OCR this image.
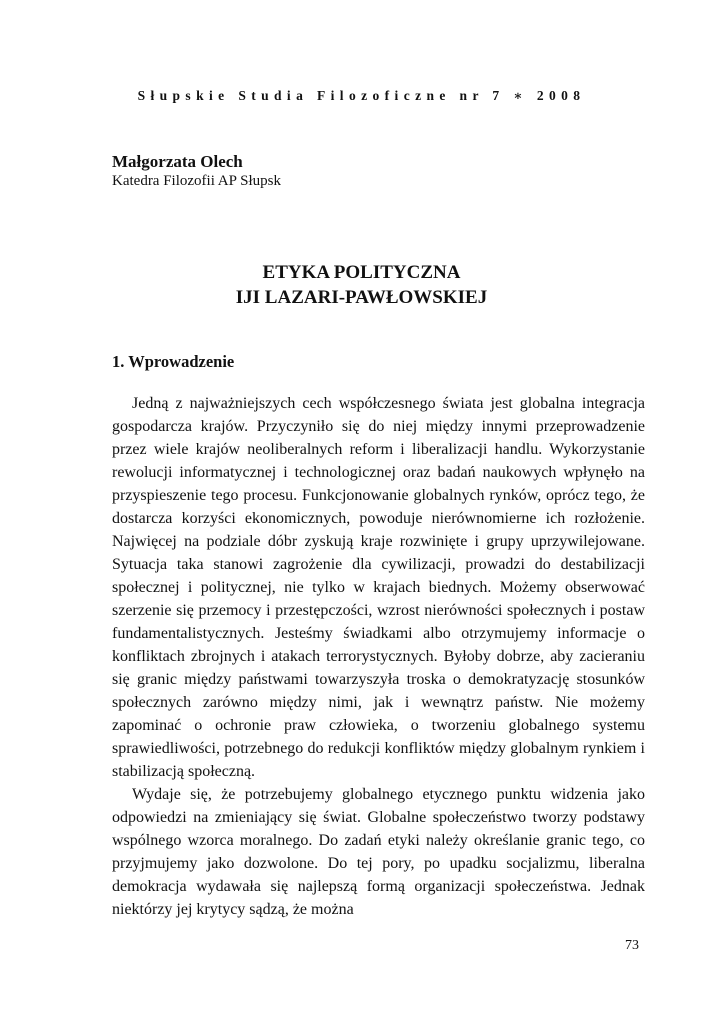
Słupskie Studia Filozoficzne nr 7 ∗ 2008
Małgorzata Olech
Katedra Filozofii AP Słupsk
ETYKA POLITYCZNA
IJI LAZARI-PAWŁOWSKIEJ
1. Wprowadzenie

Jedną z najważniejszych cech współczesnego świata jest globalna integracja gospodarcza krajów. Przyczyniło się do niej między innymi przeprowadzenie przez wiele krajów neoliberalnych reform i liberalizacji handlu. Wykorzystanie rewolucji informatycznej i technologicznej oraz badań naukowych wpłynęło na przyspieszenie tego procesu. Funkcjonowanie globalnych rynków, oprócz tego, że dostarcza korzyści ekonomicznych, powoduje nierównomierne ich rozłożenie. Najwięcej na podziale dóbr zyskują kraje rozwinięte i grupy uprzywilejowane. Sytuacja taka stanowi zagrożenie dla cywilizacji, prowadzi do destabilizacji społecznej i politycznej, nie tylko w krajach biednych. Możemy obserwować szerzenie się przemocy i przestępczości, wzrost nierówności społecznych i postaw fundamentalistycznych. Jesteśmy świadkami albo otrzymujemy informacje o konfliktach zbrojnych i atakach terrorystycznych. Byłoby dobrze, aby zacieraniu się granic między państwami towarzyszyła troska o demokratyzację stosunków społecznych zarówno między nimi, jak i wewnątrz państw. Nie możemy zapominać o ochronie praw człowieka, o tworzeniu globalnego systemu sprawiedliwości, potrzebnego do redukcji konfliktów między globalnym rynkiem i stabilizacją społeczną.

Wydaje się, że potrzebujemy globalnego etycznego punktu widzenia jako odpowiedzi na zmieniający się świat. Globalne społeczeństwo tworzy podstawy wspólnego wzorca moralnego. Do zadań etyki należy określanie granic tego, co przyjmujemy jako dozwolone. Do tej pory, po upadku socjalizmu, liberalna demokracja wydawała się najlepszą formą organizacji społeczeństwa. Jednak niektórzy jej krytycy sądzą, że można

73
